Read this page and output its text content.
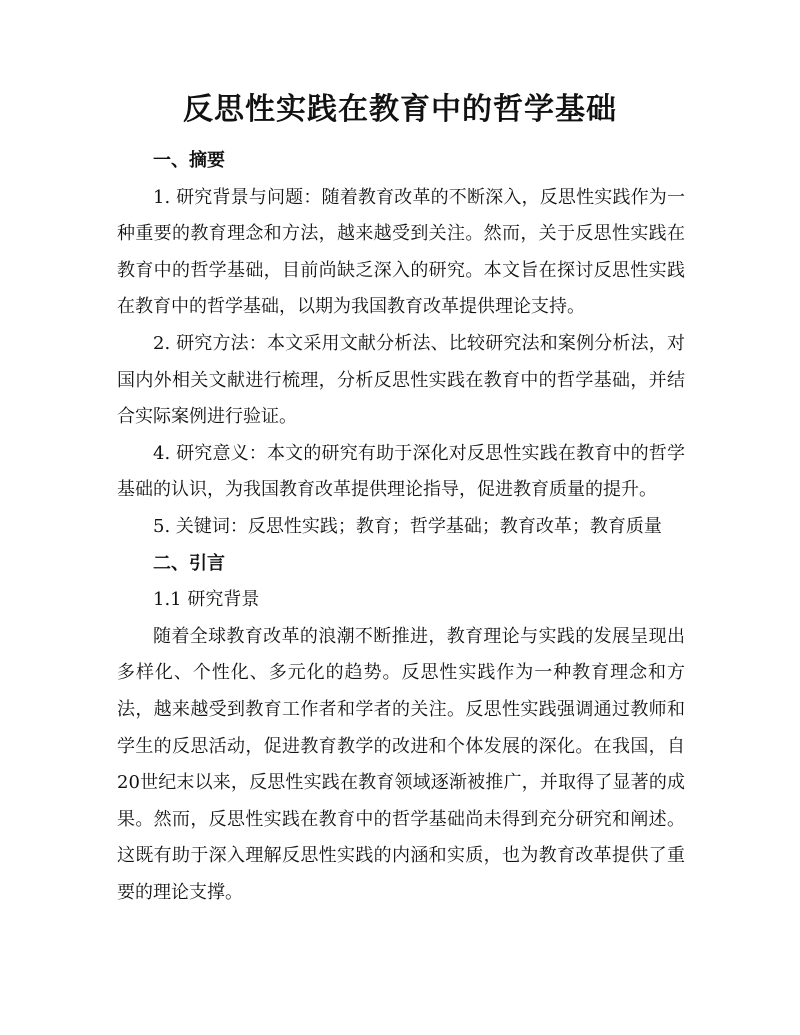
反思性实践在教育中的哲学基础

一、摘要

1. 研究背景与问题：随着教育改革的不断深入，反思性实践作为一种重要的教育理念和方法，越来越受到关注。然而，关于反思性实践在教育中的哲学基础，目前尚缺乏深入的研究。本文旨在探讨反思性实践在教育中的哲学基础，以期为我国教育改革提供理论支持。

2. 研究方法：本文采用文献分析法、比较研究法和案例分析法，对国内外相关文献进行梳理，分析反思性实践在教育中的哲学基础，并结合实际案例进行验证。

4. 研究意义：本文的研究有助于深化对反思性实践在教育中的哲学基础的认识，为我国教育改革提供理论指导，促进教育质量的提升。

5. 关键词：反思性实践；教育；哲学基础；教育改革；教育质量

二、引言

1.1 研究背景

随着全球教育改革的浪潮不断推进，教育理论与实践的发展呈现出多样化、个性化、多元化的趋势。反思性实践作为一种教育理念和方法，越来越受到教育工作者和学者的关注。反思性实践强调通过教师和学生的反思活动，促进教育教学的改进和个体发展的深化。在我国，自20世纪末以来，反思性实践在教育领域逐渐被推广，并取得了显著的成果。然而，反思性实践在教育中的哲学基础尚未得到充分研究和阐述。这既有助于深入理解反思性实践的内涵和实质，也为教育改革提供了重要的理论支撑。
